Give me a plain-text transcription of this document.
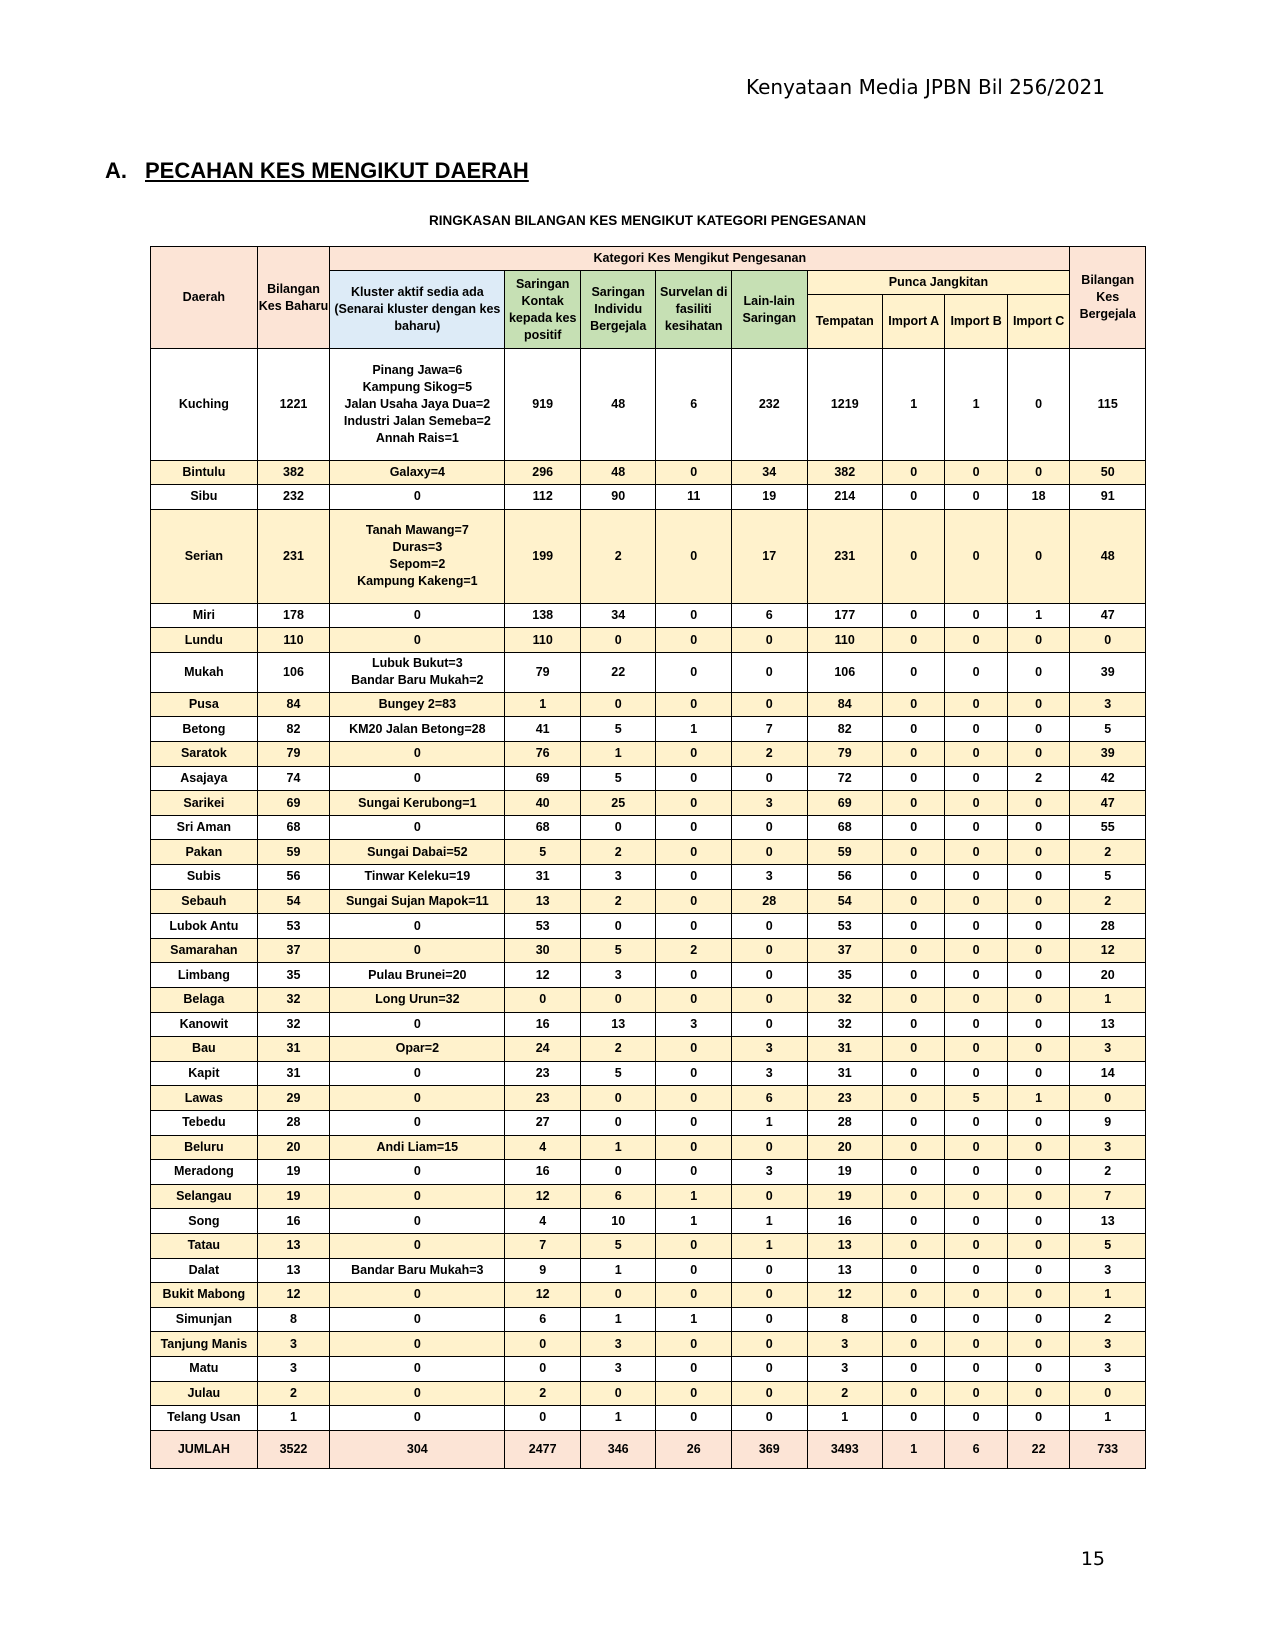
Kenyataan Media JPBN Bil 256/2021
A. PECAHAN KES MENGIKUT DAERAH
RINGKASAN BILANGAN KES MENGIKUT KATEGORI PENGESANAN
Daerah	Bilangan Kes Baharu	Kategori Kes Mengikut Pengesanan									Bilangan Kes Bergejala
		Kluster aktif sedia ada (Senarai kluster dengan kes baharu)	Saringan Kontak kepada kes positif	Saringan Individu Bergejala	Survelan di fasiliti kesihatan	Lain-lain Saringan	Punca Jangkitan				
							Tempatan	Import A	Import B	Import C	
Kuching	1221	Pinang Jawa=6
Kampung Sikog=5
Jalan Usaha Jaya Dua=2
Industri Jalan Semeba=2
Annah Rais=1	919	48	6	232	1219	1	1	0	115
Bintulu	382	Galaxy=4	296	48	0	34	382	0	0	0	50
Sibu	232	0	112	90	11	19	214	0	0	18	91
Serian	231	Tanah Mawang=7
Duras=3
Sepom=2
Kampung Kakeng=1	199	2	0	17	231	0	0	0	48
Miri	178	0	138	34	0	6	177	0	0	1	47
Lundu	110	0	110	0	0	0	110	0	0	0	0
Mukah	106	Lubuk Bukut=3
Bandar Baru Mukah=2	79	22	0	0	106	0	0	0	39
Pusa	84	Bungey 2=83	1	0	0	0	84	0	0	0	3
Betong	82	KM20 Jalan Betong=28	41	5	1	7	82	0	0	0	5
Saratok	79	0	76	1	0	2	79	0	0	0	39
Asajaya	74	0	69	5	0	0	72	0	0	2	42
Sarikei	69	Sungai Kerubong=1	40	25	0	3	69	0	0	0	47
Sri Aman	68	0	68	0	0	0	68	0	0	0	55
Pakan	59	Sungai Dabai=52	5	2	0	0	59	0	0	0	2
Subis	56	Tinwar Keleku=19	31	3	0	3	56	0	0	0	5
Sebauh	54	Sungai Sujan Mapok=11	13	2	0	28	54	0	0	0	2
Lubok Antu	53	0	53	0	0	0	53	0	0	0	28
Samarahan	37	0	30	5	2	0	37	0	0	0	12
Limbang	35	Pulau Brunei=20	12	3	0	0	35	0	0	0	20
Belaga	32	Long Urun=32	0	0	0	0	32	0	0	0	1
Kanowit	32	0	16	13	3	0	32	0	0	0	13
Bau	31	Opar=2	24	2	0	3	31	0	0	0	3
Kapit	31	0	23	5	0	3	31	0	0	0	14
Lawas	29	0	23	0	0	6	23	0	5	1	0
Tebedu	28	0	27	0	0	1	28	0	0	0	9
Beluru	20	Andi Liam=15	4	1	0	0	20	0	0	0	3
Meradong	19	0	16	0	0	3	19	0	0	0	2
Selangau	19	0	12	6	1	0	19	0	0	0	7
Song	16	0	4	10	1	1	16	0	0	0	13
Tatau	13	0	7	5	0	1	13	0	0	0	5
Dalat	13	Bandar Baru Mukah=3	9	1	0	0	13	0	0	0	3
Bukit Mabong	12	0	12	0	0	0	12	0	0	0	1
Simunjan	8	0	6	1	1	0	8	0	0	0	2
Tanjung Manis	3	0	0	3	0	0	3	0	0	0	3
Matu	3	0	0	3	0	0	3	0	0	0	3
Julau	2	0	2	0	0	0	2	0	0	0	0
Telang Usan	1	0	0	1	0	0	1	0	0	0	1
JUMLAH	3522	304	2477	346	26	369	3493	1	6	22	733
15
